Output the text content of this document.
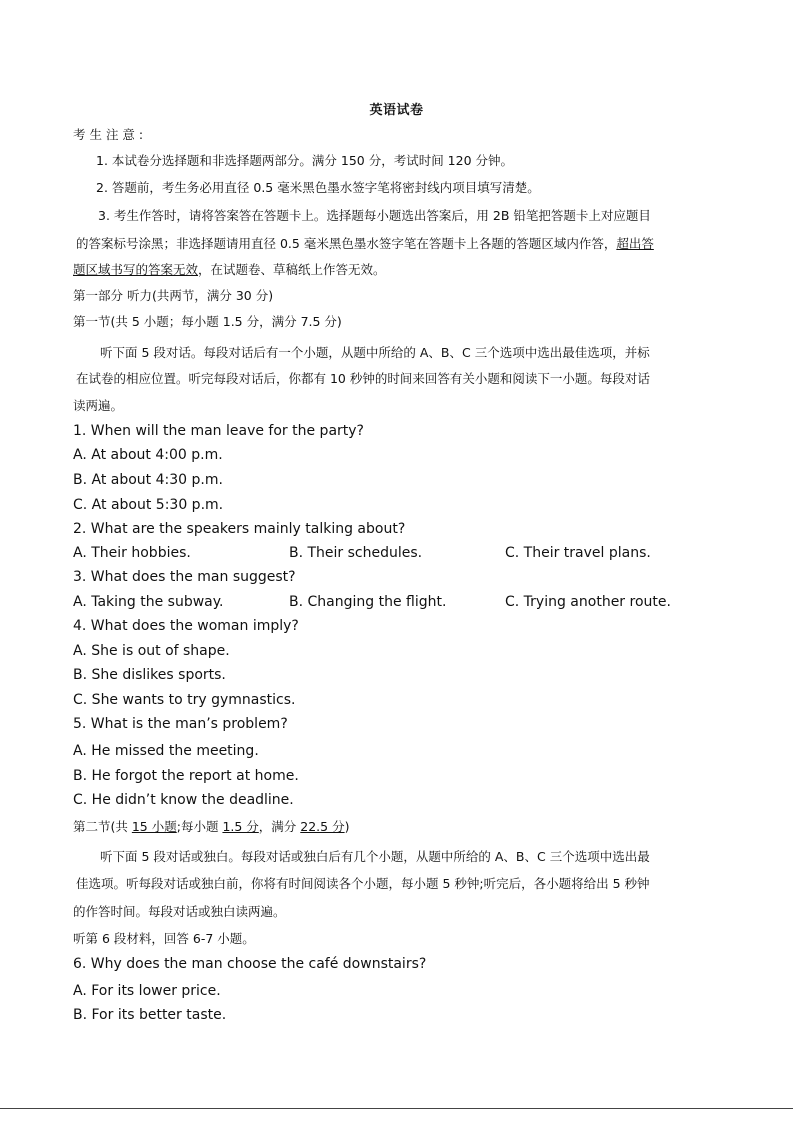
英语试卷
考 生 注 意 :
1. 本试卷分选择题和非选择题两部分。满分 150 分，考试时间 120 分钟。
2. 答题前，考生务必用直径 0.5 毫米黑色墨水签字笔将密封线内项目填写清楚。
3. 考生作答时，请将答案答在答题卡上。选择题每小题选出答案后，用 2B 铅笔把答题卡上对应题目
的答案标号涂黑；非选择题请用直径 0.5 毫米黑色墨水签字笔在答题卡上各题的答题区域内作答，超出答
题区域书写的答案无效，在试题卷、草稿纸上作答无效。
第一部分 听力(共两节，满分 30 分)
第一节(共 5 小题；每小题 1.5 分，满分 7.5 分)
听下面 5 段对话。每段对话后有一个小题，从题中所给的 A、B、C 三个选项中选出最佳选项，并标
在试卷的相应位置。听完每段对话后，你都有 10 秒钟的时间来回答有关小题和阅读下一小题。每段对话
读两遍。
1. When will the man leave for the party?
A. At about 4:00 p.m.
B. At about 4:30 p.m.
C. At about 5:30 p.m.
2. What are the speakers mainly talking about?
A. Their hobbies.	B. Their schedules.	C. Their travel plans.
3. What does the man suggest?
A. Taking the subway.	B. Changing the flight.	C. Trying another route.
4. What does the woman imply?
A. She is out of shape.
B. She dislikes sports.
C. She wants to try gymnastics.
5. What is the man’s problem?
A. He missed the meeting.
B. He forgot the report at home.
C. He didn’t know the deadline.
第二节(共 15 小题;每小题 1.5 分，满分 22.5 分)
听下面 5 段对话或独白。每段对话或独白后有几个小题，从题中所给的 A、B、C 三个选项中选出最
佳选项。听每段对话或独白前，你将有时间阅读各个小题，每小题 5 秒钟;听完后，各小题将给出 5 秒钟
的作答时间。每段对话或独白读两遍。
听第 6 段材料，回答 6-7 小题。
6. Why does the man choose the café downstairs?
A. For its lower price.
B. For its better taste.
